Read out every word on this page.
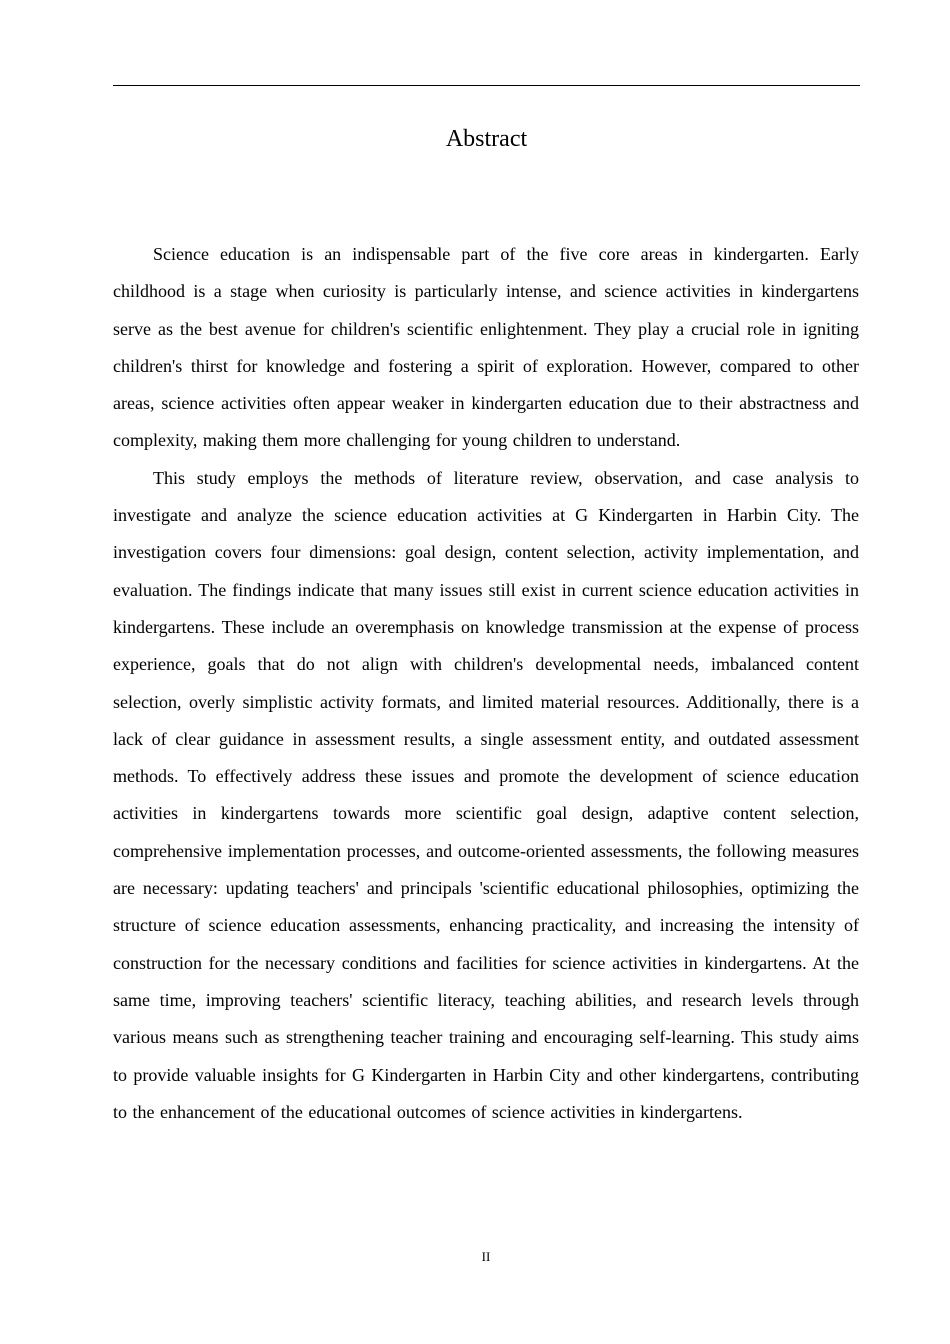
Abstract

Science education is an indispensable part of the five core areas in kindergarten. Early childhood is a stage when curiosity is particularly intense, and science activities in kindergartens serve as the best avenue for children's scientific enlightenment. They play a crucial role in igniting children's thirst for knowledge and fostering a spirit of exploration. However, compared to other areas, science activities often appear weaker in kindergarten education due to their abstractness and complexity, making them more challenging for young children to understand.

This study employs the methods of literature review, observation, and case analysis to investigate and analyze the science education activities at G Kindergarten in Harbin City. The investigation covers four dimensions: goal design, content selection, activity implementation, and evaluation. The findings indicate that many issues still exist in current science education activities in kindergartens. These include an overemphasis on knowledge transmission at the expense of process experience, goals that do not align with children's developmental needs, imbalanced content selection, overly simplistic activity formats, and limited material resources. Additionally, there is a lack of clear guidance in assessment results, a single assessment entity, and outdated assessment methods. To effectively address these issues and promote the development of science education activities in kindergartens towards more scientific goal design, adaptive content selection, comprehensive implementation processes, and outcome-oriented assessments, the following measures are necessary: updating teachers' and principals 'scientific educational philosophies, optimizing the structure of science education assessments, enhancing practicality, and increasing the intensity of construction for the necessary conditions and facilities for science activities in kindergartens. At the same time, improving teachers' scientific literacy, teaching abilities, and research levels through various means such as strengthening teacher training and encouraging self-learning. This study aims to provide valuable insights for G Kindergarten in Harbin City and other kindergartens, contributing to the enhancement of the educational outcomes of science activities in kindergartens.

II
